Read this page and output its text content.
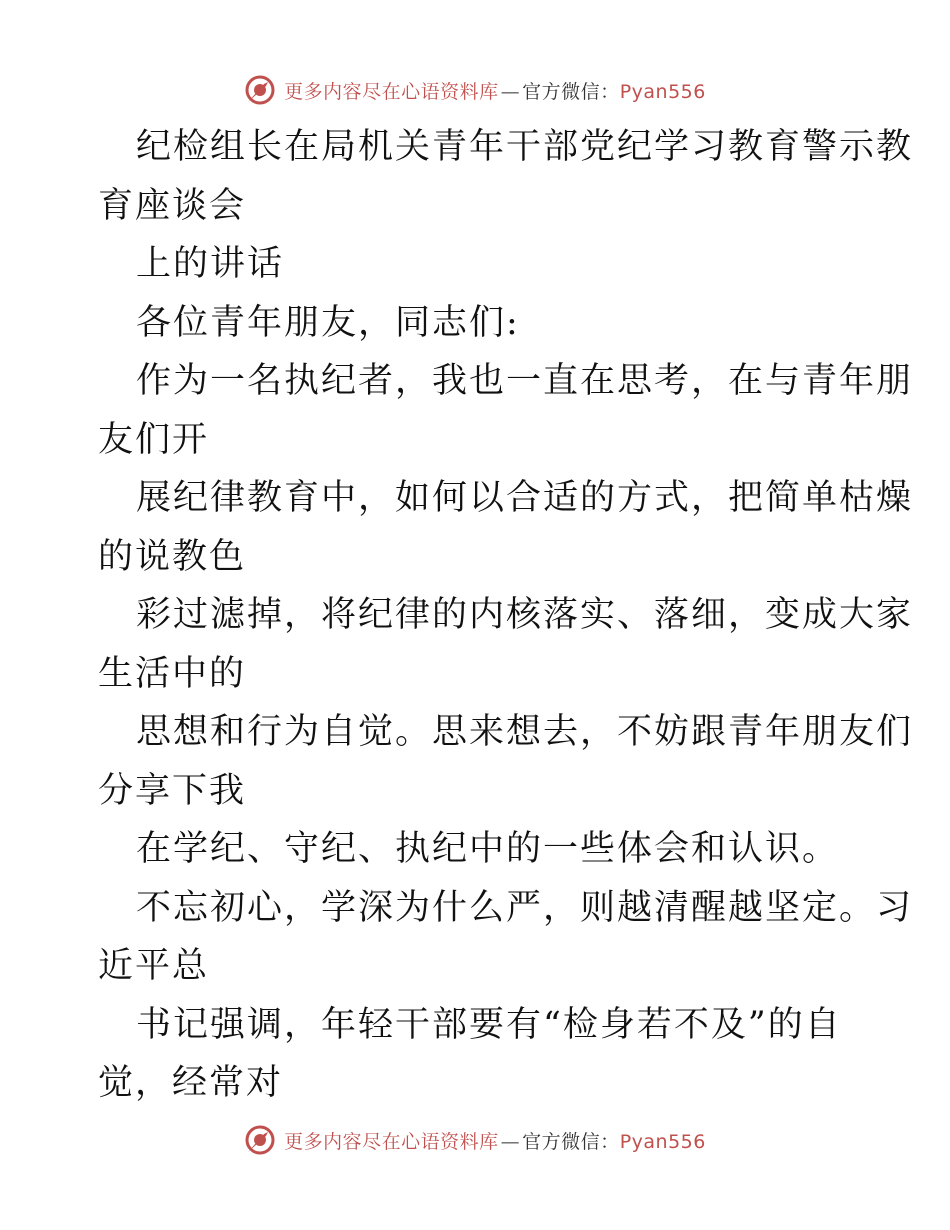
更多内容尽在心语资料库 — 官方微信：Pyan556
纪检组长在局机关青年干部党纪学习教育警示教
育座谈会
上的讲话
各位青年朋友，同志们:
作为一名执纪者，我也一直在思考，在与青年朋
友们开
展纪律教育中，如何以合适的方式，把简单枯燥
的说教色
彩过滤掉，将纪律的内核落实、落细，变成大家
生活中的
思想和行为自觉。思来想去，不妨跟青年朋友们
分享下我
在学纪、守纪、执纪中的一些体会和认识。
不忘初心，学深为什么严，则越清醒越坚定。习
近平总
书记强调，年轻干部要有“检身若不及”的自
觉，经常对
更多内容尽在心语资料库 — 官方微信：Pyan556
